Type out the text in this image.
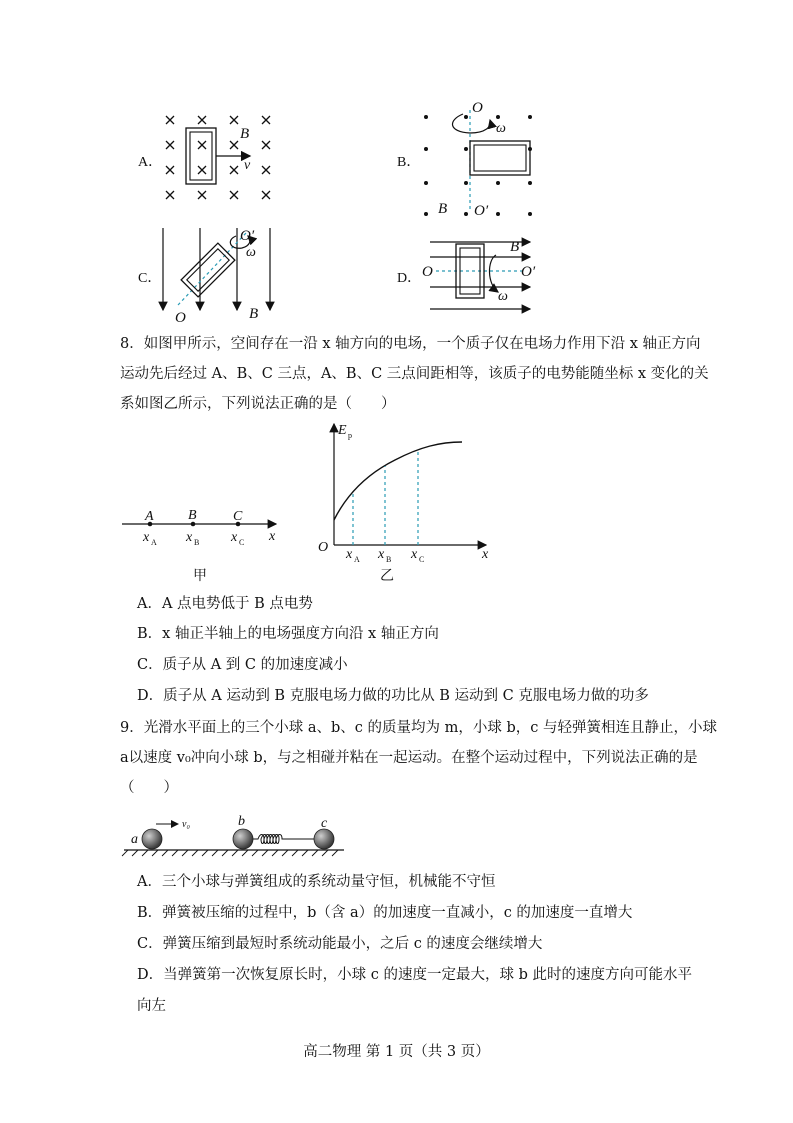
A．
B
v	B．
O
ω
B O′
C．
O′
ω
O	B
D．
B
O	O′
ω
8．如图甲所示，空间存在一沿 x 轴方向的电场，一个质子仅在电场力作用下沿 x 轴正方向
运动先后经过 A、B、C 三点，A、B、C 三点间距相等，该质子的电势能随坐标 x 变化的关
系如图乙所示，下列说法正确的是（　　）
A B	C
x A x B x C x
甲
E p
O x A x B x C	x
乙
A．A 点电势低于 B 点电势
B．x 轴正半轴上的电场强度方向沿 x 轴正方向
C．质子从 A 到 C 的加速度减小
D．质子从 A 运动到 B 克服电场力做的功比从 B 运动到 C 克服电场力做的功多
9．光滑水平面上的三个小球 a、b、c 的质量均为 m，小球 b，c 与轻弹簧相连且静止，小球
a以速度 v₀冲向小球 b，与之相碰并粘在一起运动。在整个运动过程中，下列说法正确的是
（　　）
v₀
a
b	c
A．三个小球与弹簧组成的系统动量守恒，机械能不守恒
B．弹簧被压缩的过程中，b（含 a）的加速度一直减小，c 的加速度一直增大
C．弹簧压缩到最短时系统动能最小，之后 c 的速度会继续增大
D．当弹簧第一次恢复原长时，小球 c 的速度一定最大，球 b 此时的速度方向可能水平
向左
高二物理 第 1 页（共 3 页）
